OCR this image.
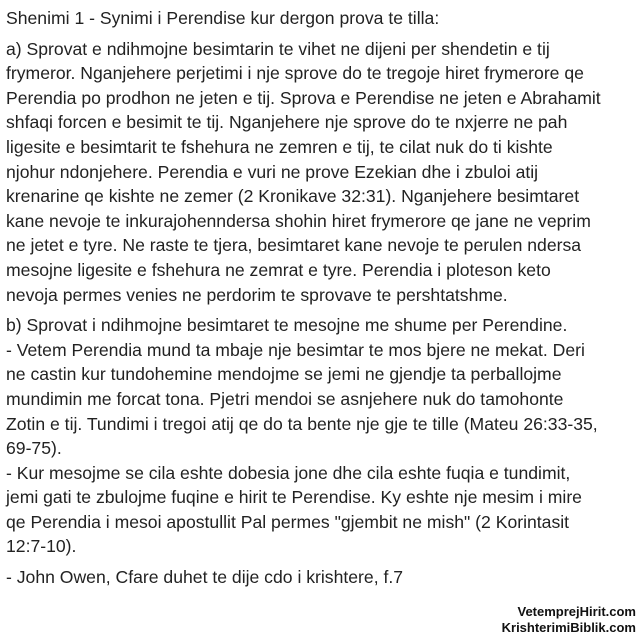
Shenimi 1 - Synimi i Perendise kur dergon prova te tilla:
a) Sprovat e ndihmojne besimtarin te vihet ne dijeni per shendetin e tij
frymeror. Nganjehere perjetimi i nje sprove do te tregoje hiret frymerore qe
Perendia po prodhon ne jeten e tij. Sprova e Perendise ne jeten e Abrahamit
shfaqi forcen e besimit te tij. Nganjehere nje sprove do te nxjerre ne pah
ligesite e besimtarit te fshehura ne zemren e tij, te cilat nuk do ti kishte
njohur ndonjehere. Perendia e vuri ne prove Ezekian dhe i zbuloi atij
krenarine qe kishte ne zemer (2 Kronikave 32:31). Nganjehere besimtaret
kane nevoje te inkurajohenndersa shohin hiret frymerore qe jane ne veprim
ne jetet e tyre. Ne raste te tjera, besimtaret kane nevoje te perulen ndersa
mesojne ligesite e fshehura ne zemrat e tyre. Perendia i ploteson keto
nevoja permes venies ne perdorim te sprovave te pershtatshme.
b) Sprovat i ndihmojne besimtaret te mesojne me shume per Perendine.
- Vetem Perendia mund ta mbaje nje besimtar te mos bjere ne mekat. Deri
ne castin kur tundohemine mendojme se jemi ne gjendje ta perballojme
mundimin me forcat tona. Pjetri mendoi se asnjehere nuk do tamohonte
Zotin e tij. Tundimi i tregoi atij qe do ta bente nje gje te tille (Mateu 26:33-35,
69-75).
- Kur mesojme se cila eshte dobesia jone dhe cila eshte fuqia e tundimit,
jemi gati te zbulojme fuqine e hirit te Perendise. Ky eshte nje mesim i mire
qe Perendia i mesoi apostullit Pal permes "gjembit ne mish" (2 Korintasit
12:7-10).
- John Owen, Cfare duhet te dije cdo i krishtere, f.7
VetemprejHirit.com
KrishterimiBiblik.com
